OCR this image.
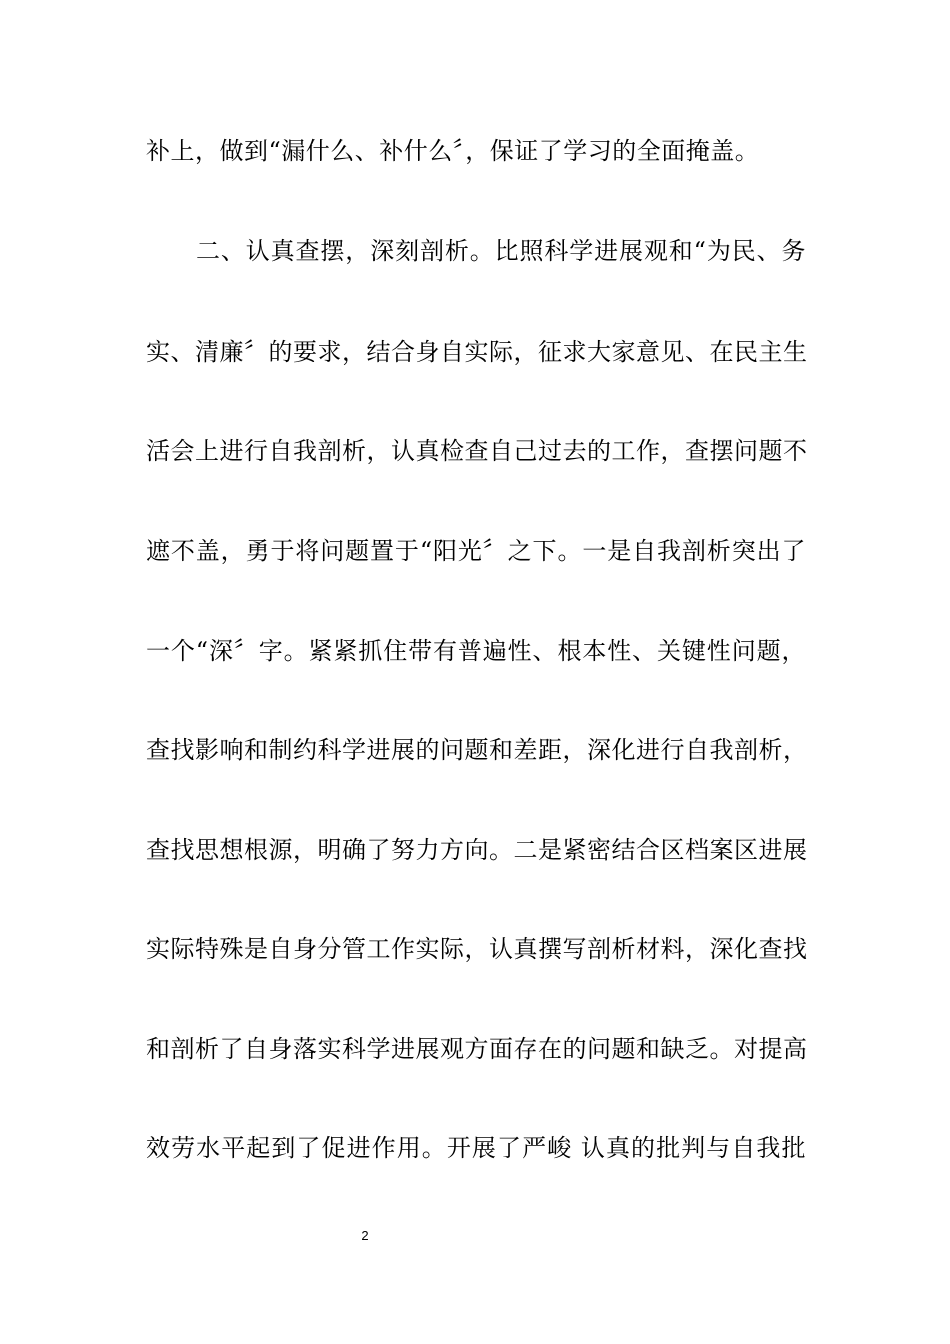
补上，做到“漏什么、补什么〞，保证了学习的全面掩盖。
二、认真查摆，深刻剖析。比照科学进展观和“为民、务
实、清廉〞的要求，结合身自实际，征求大家意见、在民主生
活会上进行自我剖析，认真检查自己过去的工作，查摆问题不
遮不盖，勇于将问题置于“阳光〞之下。一是自我剖析突出了
一个“深〞字。紧紧抓住带有普遍性、根本性、关键性问题，
查找影响和制约科学进展的问题和差距，深化进行自我剖析，
查找思想根源，明确了努力方向。二是紧密结合区档案区进展
实际特殊是自身分管工作实际，认真撰写剖析材料，深化查找
和剖析了自身落实科学进展观方面存在的问题和缺乏。对提高
效劳水平起到了促进作用。开展了严峻 认真的批判与自我批
2
